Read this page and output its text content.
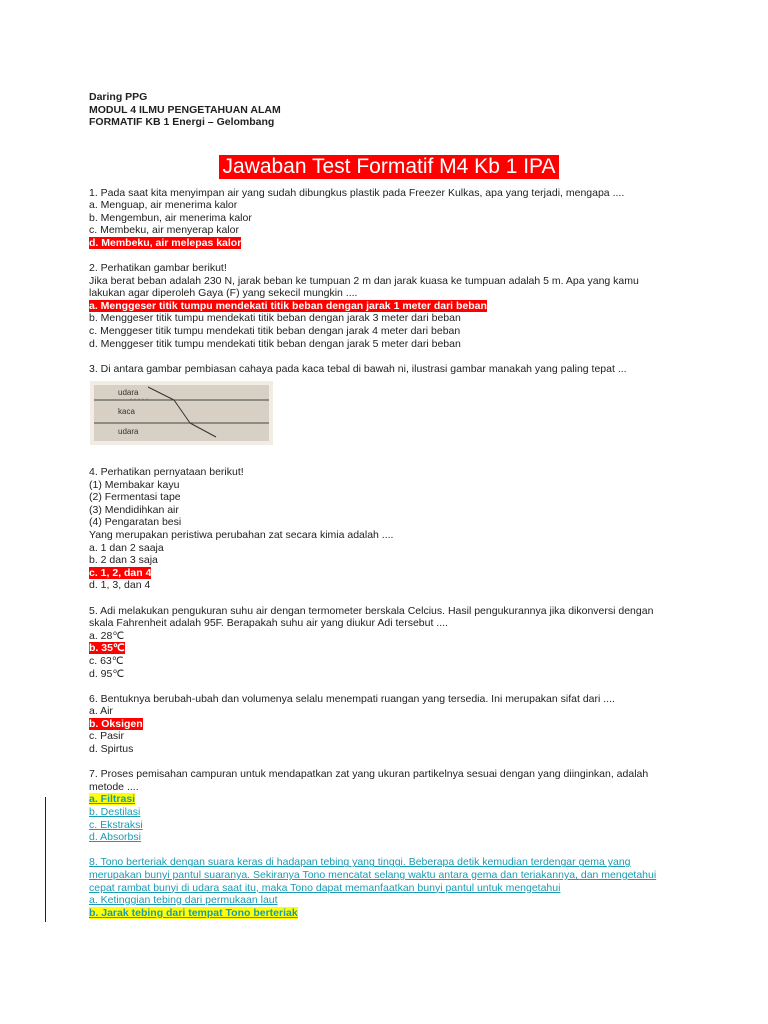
Daring PPG
MODUL 4 ILMU PENGETAHUAN ALAM
FORMATIF KB 1 Energi – Gelombang
Jawaban Test Formatif M4 Kb 1 IPA
1. Pada saat kita menyimpan air yang sudah dibungkus plastik pada Freezer Kulkas, apa yang terjadi, mengapa ....
a. Menguap, air menerima kalor
b. Mengembun, air menerima kalor
c. Membeku, air menyerap kalor
d. Membeku, air melepas kalor
2. Perhatikan gambar berikut!
Jika berat beban adalah 230 N, jarak beban ke tumpuan 2 m dan jarak kuasa ke tumpuan adalah 5 m. Apa yang kamu lakukan agar diperoleh Gaya (F) yang sekecil mungkin ....
a. Menggeser titik tumpu mendekati titik beban dengan jarak 1 meter dari beban
b. Menggeser titik tumpu mendekati titik beban dengan jarak 3 meter dari beban
c. Menggeser titik tumpu mendekati titik beban dengan jarak 4 meter dari beban
d. Menggeser titik tumpu mendekati titik beban dengan jarak 5 meter dari beban
3. Di antara gambar pembiasan cahaya pada kaca tebal di bawah ni, ilustrasi gambar manakah yang paling tepat ...
udara
kaca
udara
4. Perhatikan pernyataan berikut!
(1) Membakar kayu
(2) Fermentasi tape
(3) Mendidihkan air
(4) Pengaratan besi
Yang merupakan peristiwa perubahan zat secara kimia adalah ....
a. 1 dan 2 saaja
b. 2 dan 3 saja
c. 1, 2, dan 4
d. 1, 3, dan 4
5. Adi melakukan pengukuran suhu air dengan termometer berskala Celcius. Hasil pengukurannya jika dikonversi dengan skala Fahrenheit adalah 95F. Berapakah suhu air yang diukur Adi tersebut ....
a. 28℃
b. 35℃
c. 63℃
d. 95℃
6. Bentuknya berubah-ubah dan volumenya selalu menempati ruangan yang tersedia. Ini merupakan sifat dari ....
a. Air
b. Oksigen
c. Pasir
d. Spirtus
7. Proses pemisahan campuran untuk mendapatkan zat yang ukuran partikelnya sesuai dengan yang diinginkan, adalah metode ....
a. Filtrasi
b. Destilasi
c. Ekstraksi
d. Absorbsi
8. Tono berteriak dengan suara keras di hadapan tebing yang tinggi. Beberapa detik kemudian terdengar gema yang merupakan bunyi pantul suaranya. Sekiranya Tono mencatat selang waktu antara gema dan teriakannya, dan mengetahui cepat rambat bunyi di udara saat itu, maka Tono dapat memanfaatkan bunyi pantul untuk mengetahui
a. Ketinggian tebing dari permukaan laut
b. Jarak tebing dari tempat Tono berteriak
